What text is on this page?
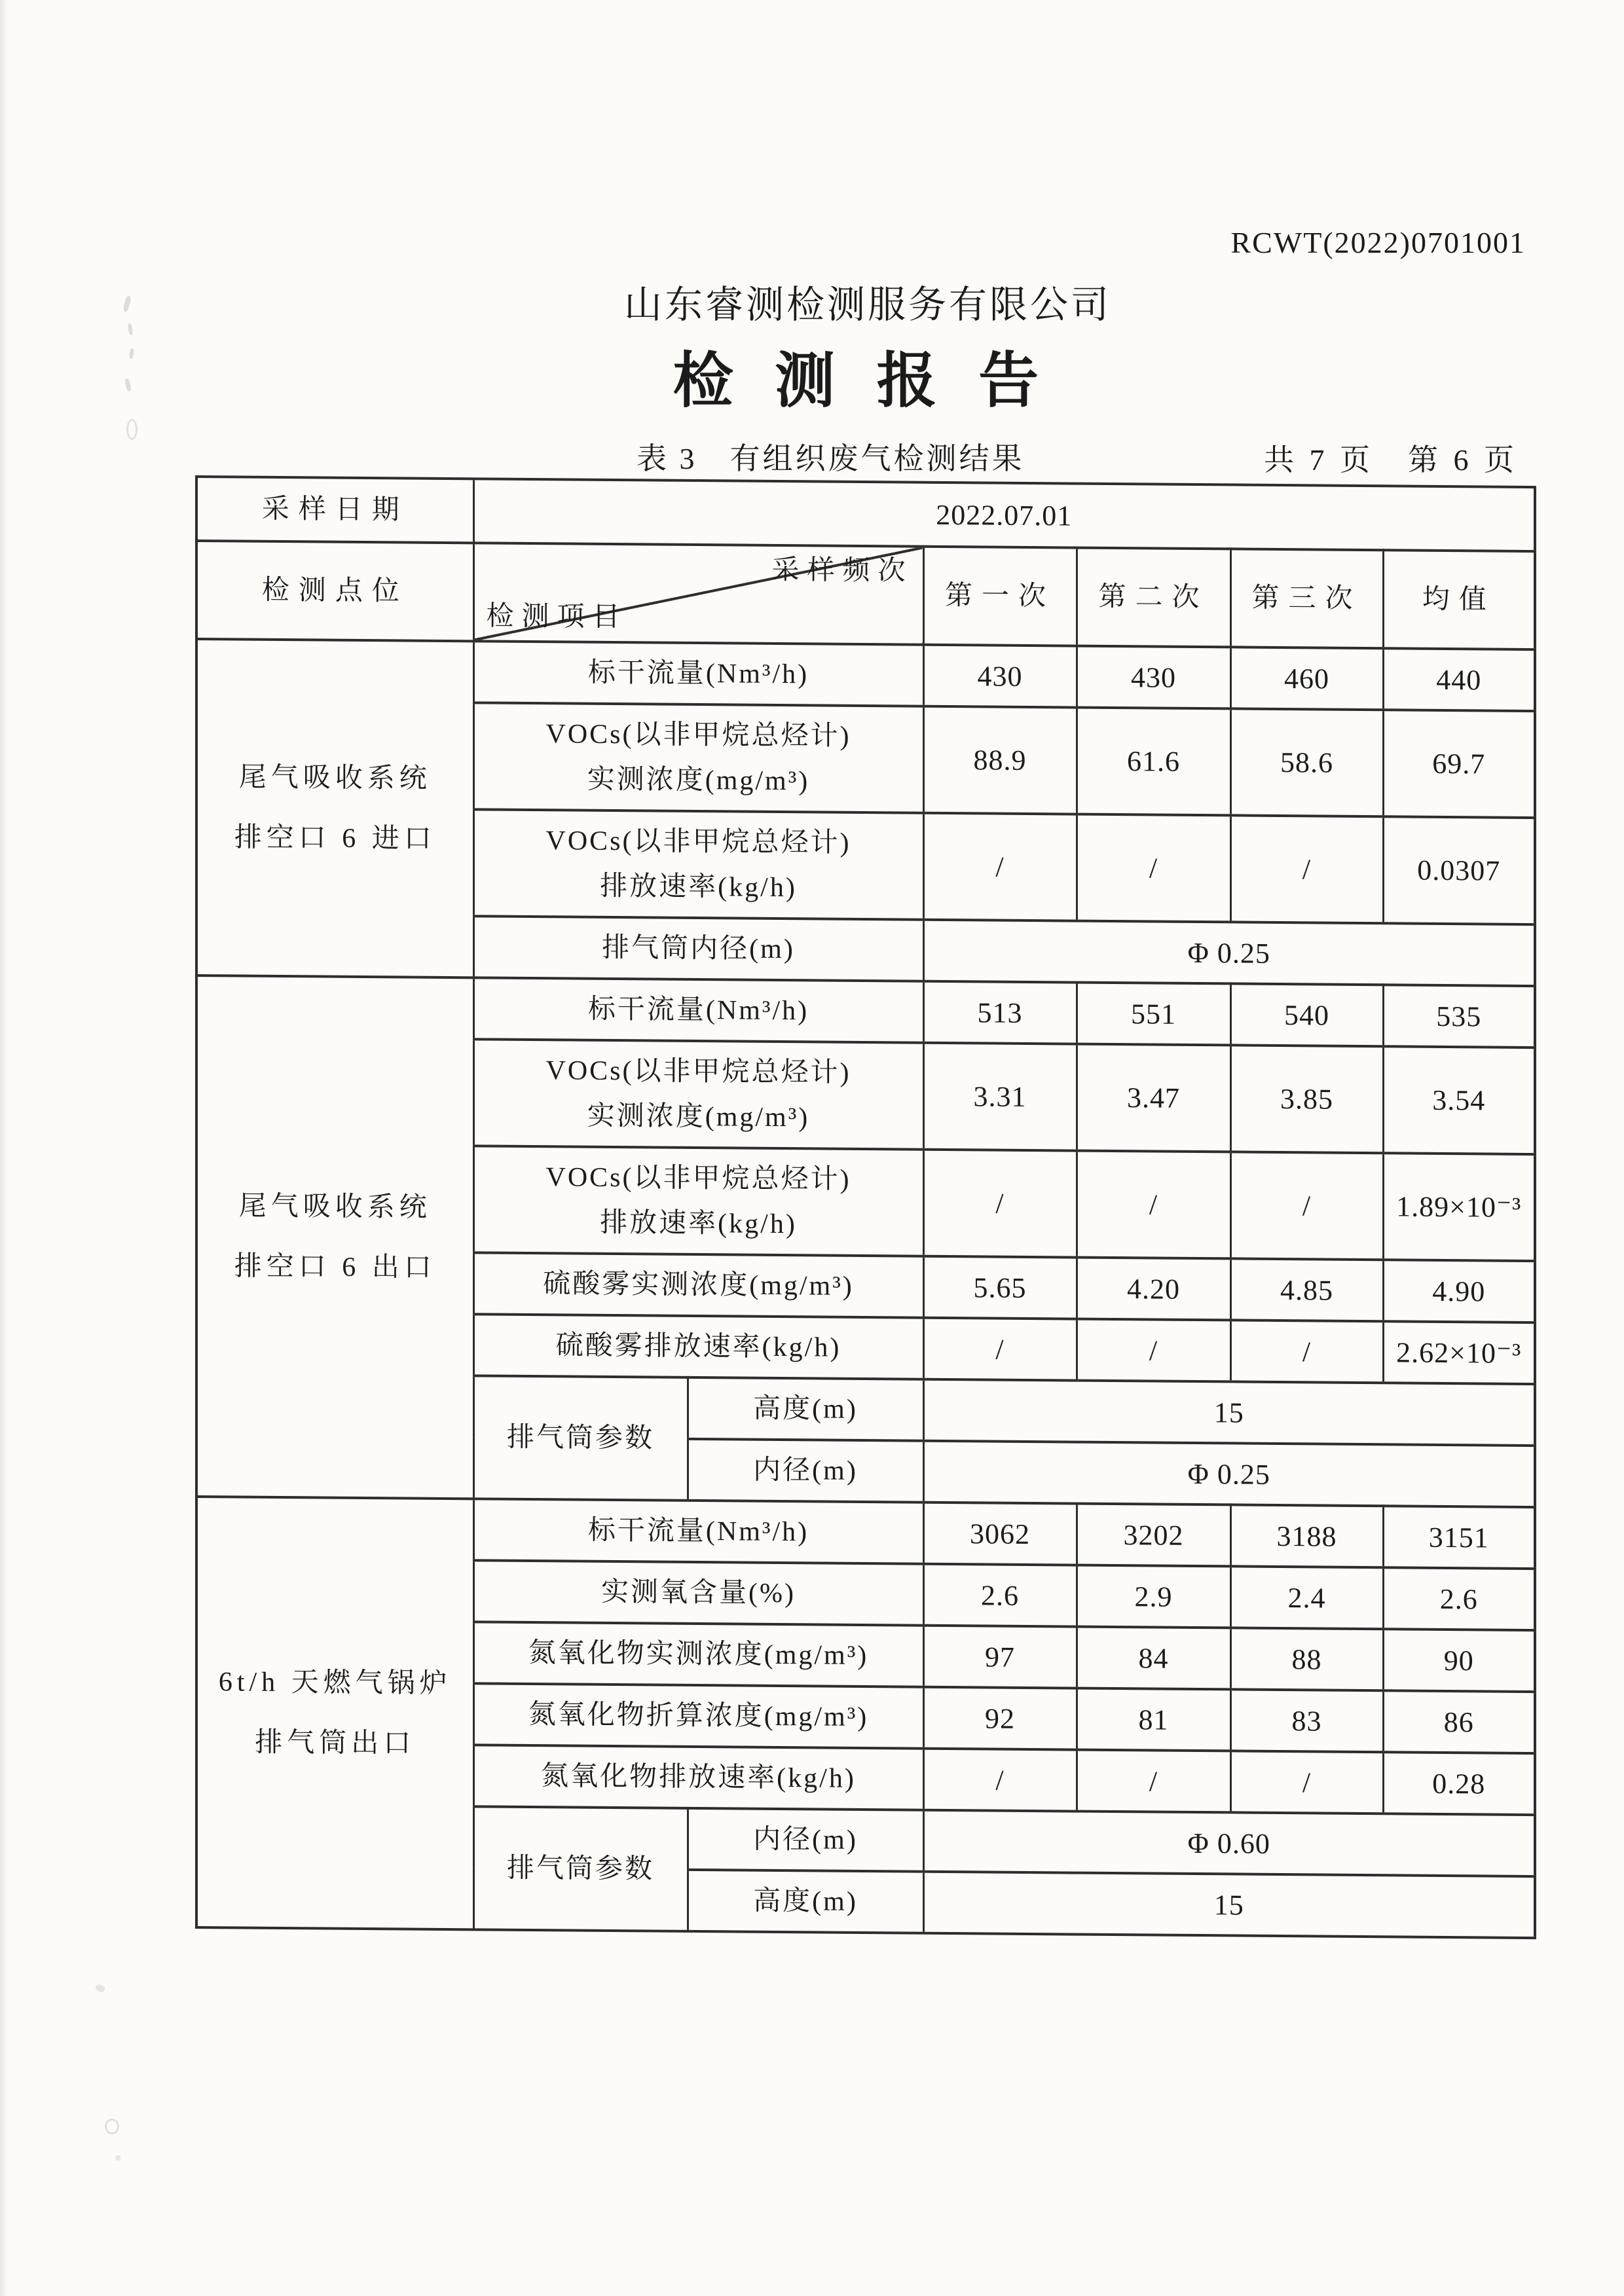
RCWT(2022)0701001
山东睿测检测服务有限公司
检 测 报 告
表 3　有组织废气检测结果	共 7 页　第 6 页
采样日期	2022.07.01					
检测点位	采样频次
检测项目		第一次	第二次	第三次	均值

尾气吸收系统
排空口 6 进口	标干流量(Nm³/h)		430	430	460	440

	VOCs(以非甲烷总烃计)
实测浓度(mg/m³)		88.9	61.6	58.6	69.7

	VOCs(以非甲烷总烃计)
排放速率(kg/h)		/	/	/	0.0307
	排气筒内径(m)		Φ 0.25			

尾气吸收系统
排空口 6 出口	标干流量(Nm³/h)		513	551	540	535

	VOCs(以非甲烷总烃计)
实测浓度(mg/m³)		3.31	3.47	3.85	3.54

	VOCs(以非甲烷总烃计)
排放速率(kg/h)		/	/	/	1.89×10⁻³
	硫酸雾实测浓度(mg/m³)		5.65	4.20	4.85	4.90
	硫酸雾排放速率(kg/h)		/	/	/	2.62×10⁻³
	排气筒参数	高度(m)	15			
		内径(m)	Φ 0.25			

6t/h 天燃气锅炉
排气筒出口	标干流量(Nm³/h)		3062	3202	3188	3151
	实测氧含量(%)		2.6	2.9	2.4	2.6
	氮氧化物实测浓度(mg/m³)		97	84	88	90
	氮氧化物折算浓度(mg/m³)		92	81	83	86
	氮氧化物排放速率(kg/h)		/	/	/	0.28
	排气筒参数	内径(m)	Φ 0.60			
		高度(m)	15			
